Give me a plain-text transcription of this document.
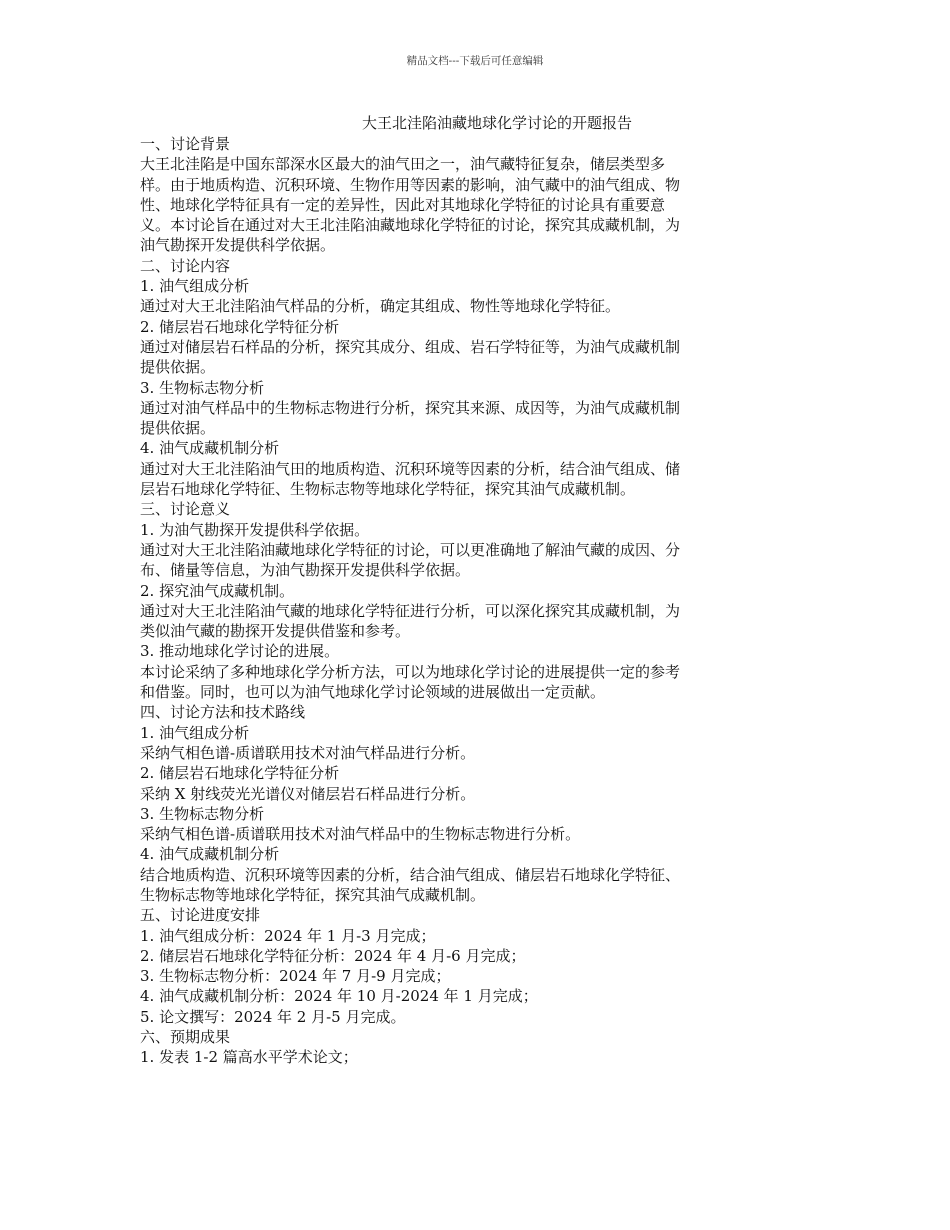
精品文档---下载后可任意编辑
大王北洼陷油藏地球化学讨论的开题报告
一、讨论背景
大王北洼陷是中国东部深水区最大的油气田之一，油气藏特征复杂，储层类型多
样。由于地质构造、沉积环境、生物作用等因素的影响，油气藏中的油气组成、物
性、地球化学特征具有一定的差异性，因此对其地球化学特征的讨论具有重要意
义。本讨论旨在通过对大王北洼陷油藏地球化学特征的讨论，探究其成藏机制，为
油气勘探开发提供科学依据。
二、讨论内容
1. 油气组成分析
通过对大王北洼陷油气样品的分析，确定其组成、物性等地球化学特征。
2. 储层岩石地球化学特征分析
通过对储层岩石样品的分析，探究其成分、组成、岩石学特征等，为油气成藏机制
提供依据。
3. 生物标志物分析
通过对油气样品中的生物标志物进行分析，探究其来源、成因等，为油气成藏机制
提供依据。
4. 油气成藏机制分析
通过对大王北洼陷油气田的地质构造、沉积环境等因素的分析，结合油气组成、储
层岩石地球化学特征、生物标志物等地球化学特征，探究其油气成藏机制。
三、讨论意义
1. 为油气勘探开发提供科学依据。
通过对大王北洼陷油藏地球化学特征的讨论，可以更准确地了解油气藏的成因、分
布、储量等信息，为油气勘探开发提供科学依据。
2. 探究油气成藏机制。
通过对大王北洼陷油气藏的地球化学特征进行分析，可以深化探究其成藏机制，为
类似油气藏的勘探开发提供借鉴和参考。
3. 推动地球化学讨论的进展。
本讨论采纳了多种地球化学分析方法，可以为地球化学讨论的进展提供一定的参考
和借鉴。同时，也可以为油气地球化学讨论领域的进展做出一定贡献。
四、讨论方法和技术路线
1. 油气组成分析
采纳气相色谱-质谱联用技术对油气样品进行分析。
2. 储层岩石地球化学特征分析
采纳 X 射线荧光光谱仪对储层岩石样品进行分析。
3. 生物标志物分析
采纳气相色谱-质谱联用技术对油气样品中的生物标志物进行分析。
4. 油气成藏机制分析
结合地质构造、沉积环境等因素的分析，结合油气组成、储层岩石地球化学特征、
生物标志物等地球化学特征，探究其油气成藏机制。
五、讨论进度安排
1. 油气组成分析：2024 年 1 月-3 月完成；
2. 储层岩石地球化学特征分析：2024 年 4 月-6 月完成；
3. 生物标志物分析：2024 年 7 月-9 月完成；
4. 油气成藏机制分析：2024 年 10 月-2024 年 1 月完成；
5. 论文撰写：2024 年 2 月-5 月完成。
六、预期成果
1. 发表 1-2 篇高水平学术论文；
